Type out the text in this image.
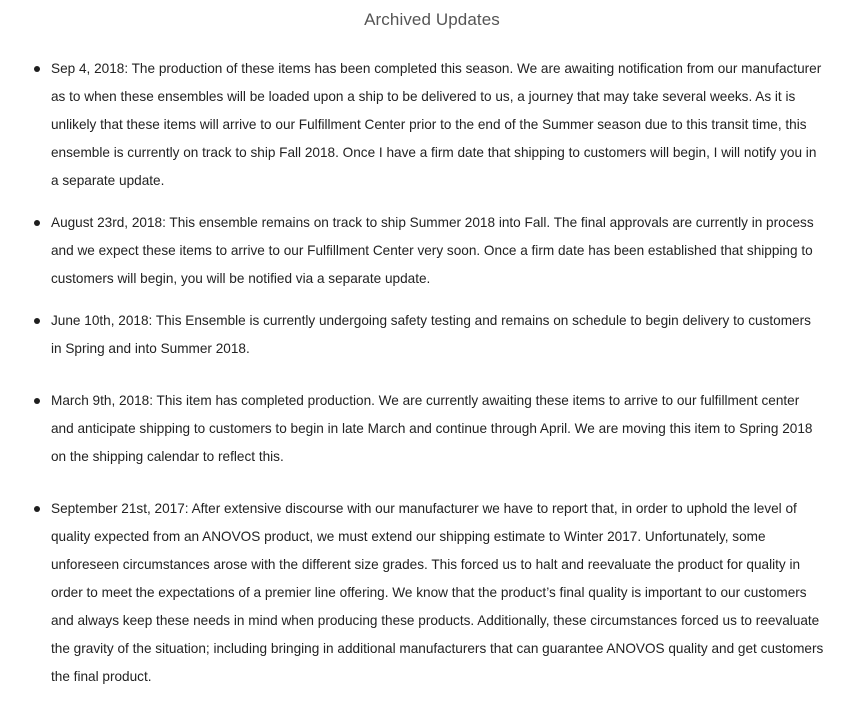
Archived Updates
Sep 4, 2018: The production of these items has been completed this season. We are awaiting notification from our manufacturer as to when these ensembles will be loaded upon a ship to be delivered to us, a journey that may take several weeks. As it is unlikely that these items will arrive to our Fulfillment Center prior to the end of the Summer season due to this transit time, this ensemble is currently on track to ship Fall 2018. Once I have a firm date that shipping to customers will begin, I will notify you in a separate update.
August 23rd, 2018: This ensemble remains on track to ship Summer 2018 into Fall. The final approvals are currently in process and we expect these items to arrive to our Fulfillment Center very soon. Once a firm date has been established that shipping to customers will begin, you will be notified via a separate update.
June 10th, 2018: This Ensemble is currently undergoing safety testing and remains on schedule to begin delivery to customers in Spring and into Summer 2018.
March 9th, 2018: This item has completed production. We are currently awaiting these items to arrive to our fulfillment center and anticipate shipping to customers to begin in late March and continue through April. We are moving this item to Spring 2018 on the shipping calendar to reflect this.
September 21st, 2017: After extensive discourse with our manufacturer we have to report that, in order to uphold the level of quality expected from an ANOVOS product, we must extend our shipping estimate to Winter 2017. Unfortunately, some unforeseen circumstances arose with the different size grades. This forced us to halt and reevaluate the product for quality in order to meet the expectations of a premier line offering. We know that the product’s final quality is important to our customers and always keep these needs in mind when producing these products. Additionally, these circumstances forced us to reevaluate the gravity of the situation; including bringing in additional manufacturers that can guarantee ANOVOS quality and get customers the final product.
